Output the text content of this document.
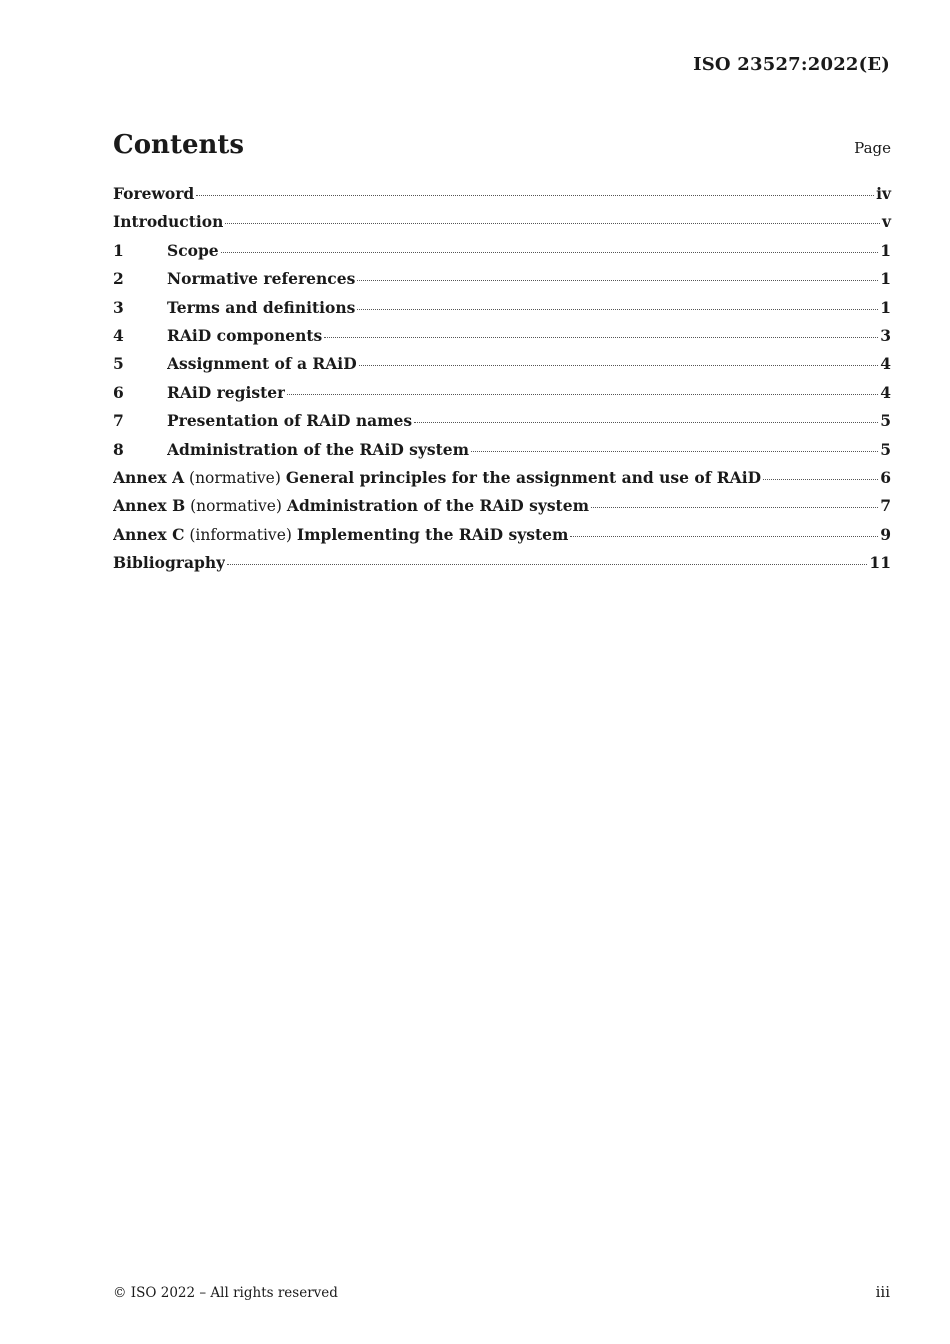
ISO 23527:2022(E)
Contents	Page
Foreword	iv
Introduction	v
1	Scope	1
2	Normative references	1
3	Terms and definitions	1
4	RAiD components	3
5	Assignment of a RAiD	4
6	RAiD register	4
7	Presentation of RAiD names	5
8	Administration of the RAiD system	5
Annex A (normative) General principles for the assignment and use of RAiD	6
Annex B (normative) Administration of the RAiD system	7
Annex C (informative) Implementing the RAiD system	9
Bibliography	11
© ISO 2022 – All rights reserved	iii
